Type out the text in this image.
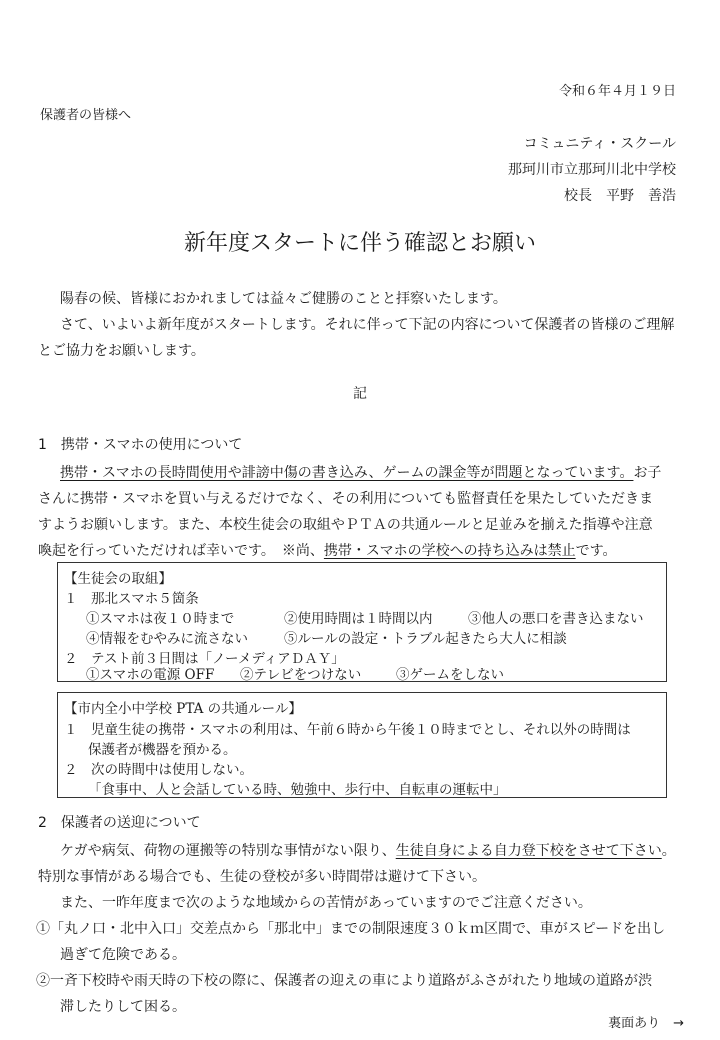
令和６年４月１９日
保護者の皆様へ
コミュニティ・スクール
那珂川市立那珂川北中学校
校長　平野　善浩
新年度スタートに伴う確認とお願い
陽春の候、皆様におかれましては益々ご健勝のことと拝察いたします。
さて、いよいよ新年度がスタートします。それに伴って下記の内容について保護者の皆様のご理解
とご協力をお願いします。
記
1　携帯・スマホの使用について
携帯・スマホの長時間使用や誹謗中傷の書き込み、ゲームの課金等が問題となっています。お子
さんに携帯・スマホを買い与えるだけでなく、その利用についても監督責任を果たしていただきま
すようお願いします。また、本校生徒会の取組やＰＴＡの共通ルールと足並みを揃えた指導や注意
喚起を行っていただければ幸いです。　※尚、携帯・スマホの学校への持ち込みは禁止です。
【生徒会の取組】
１　那北スマホ５箇条
①スマホは夜１０時まで	②使用時間は１時間以内	③他人の悪口を書き込まない
④情報をむやみに流さない	⑤ルールの設定・トラブル起きたら大人に相談
２　テスト前３日間は「ノーメディアＤＡＹ」
①スマホの電源 OFF ②テレビをつけない	③ゲームをしない
【市内全小中学校 PTA の共通ルール】
１　児童生徒の携帯・スマホの利用は、午前６時から午後１０時までとし、それ以外の時間は
保護者が機器を預かる。
２　次の時間中は使用しない。
「食事中、人と会話している時、勉強中、歩行中、自転車の運転中」
2　保護者の送迎について
ケガや病気、荷物の運搬等の特別な事情がない限り、生徒自身による自力登下校をさせて下さい。
特別な事情がある場合でも、生徒の登校が多い時間帯は避けて下さい。
また、一昨年度まで次のような地域からの苦情があっていますのでご注意ください。
①「丸ノ口・北中入口」交差点から「那北中」までの制限速度３０ｋｍ区間で、車がスピードを出し
過ぎて危険である。
②一斉下校時や雨天時の下校の際に、保護者の迎えの車により道路がふさがれたり地域の道路が渋
滞したりして困る。
裏面あり　→
